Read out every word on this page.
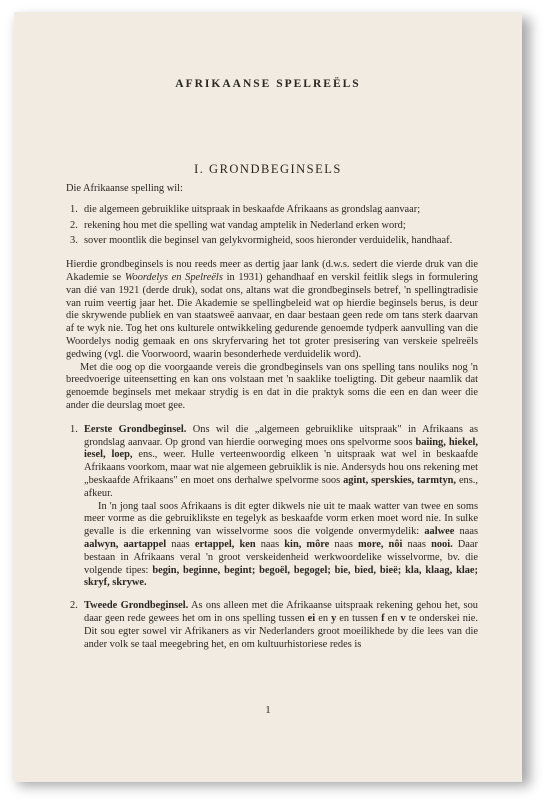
AFRIKAANSE SPELREËLS
I. GRONDBEGINSELS

Die Afrikaanse spelling wil:

1. die algemeen gebruiklike uitspraak in beskaafde Afrikaans as grondslag aanvaar;
2. rekening hou met die spelling wat vandag amptelik in Nederland erken word;
3. sover moontlik die beginsel van gelykvormigheid, soos hieronder verduidelik, handhaaf.

Hierdie grondbeginsels is nou reeds meer as dertig jaar lank (d.w.s. sedert die vierde druk van die Akademie se Woordelys en Spelreëls in 1931) gehandhaaf en verskil feitlik slegs in formulering van dié van 1921 (derde druk), sodat ons, altans wat die grondbeginsels betref, 'n spellingtradisie van ruim veertig jaar het. Die Akademie se spellingbeleid wat op hierdie beginsels berus, is deur die skrywende publiek en van staatsweë aanvaar, en daar bestaan geen rede om tans sterk daarvan af te wyk nie. Tog het ons kulturele ontwikkeling gedurende genoemde tydperk aanvulling van die Woordelys nodig gemaak en ons skryfervaring het tot groter presisering van verskeie spelreëls gedwing (vgl. die Voorwoord, waarin besonderhede verduidelik word).

Met die oog op die voorgaande vereis die grondbeginsels van ons spelling tans nouliks nog 'n breedvoerige uiteensetting en kan ons volstaan met 'n saaklike toeligting. Dit gebeur naamlik dat genoemde beginsels met mekaar strydig is en dat in die praktyk soms die een en dan weer die ander die deurslag moet gee.

1. Eerste Grondbeginsel. Ons wil die „algemeen gebruiklike uitspraak" in Afrikaans as grondslag aanvaar. Op grond van hierdie oorweging moes ons spelvorme soos baiing, hiekel, iesel, loep, ens., weer. Hulle verteenwoordig elkeen 'n uitspraak wat wel in beskaafde Afrikaans voorkom, maar wat nie algemeen gebruiklik is nie. Andersyds hou ons rekening met „beskaafde Afrikaans" en moet ons derhalwe spelvorme soos agint, sperskies, tarmtyn, ens., afkeur.

In 'n jong taal soos Afrikaans is dit egter dikwels nie uit te maak watter van twee en soms meer vorme as die gebruiklikste en tegelyk as beskaafde vorm erken moet word nie. In sulke gevalle is die erkenning van wisselvorme soos die volgende onvermydelik: aalwee naas aalwyn, aartappel naas ertappel, ken naas kin, môre naas more, nôi naas nooi. Daar bestaan in Afrikaans veral 'n groot verskeidenheid werkwoordelike wisselvorme, bv. die volgende tipes: begin, beginne, begint; begoël, begogel; bie, bied, bieë; kla, klaag, klae; skryf, skrywe.

2. Tweede Grondbeginsel. As ons alleen met die Afrikaanse uitspraak rekening gehou het, sou daar geen rede gewees het om in ons spelling tussen ei en y en tussen f en v te onderskei nie. Dit sou egter sowel vir Afrikaners as vir Nederlanders groot moeilikhede by die lees van die ander volk se taal meegebring het, en om kultuurhistoriese redes is

1
